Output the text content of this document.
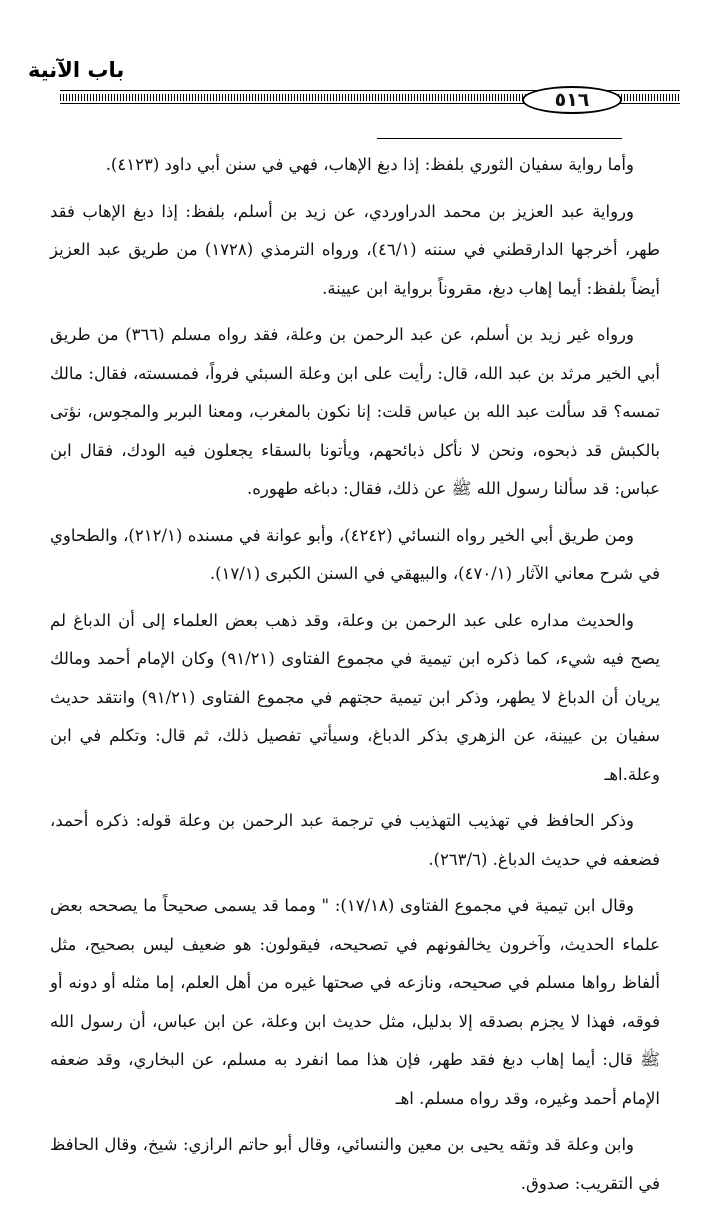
باب الآنية
٥١٦

وأما رواية سفيان الثوري بلفظ: إذا دبغ الإهاب، فهي في سنن أبي داود (٤١٢٣).

ورواية عبد العزيز بن محمد الدراوردي، عن زيد بن أسلم، بلفظ: إذا دبغ الإهاب فقد طهر، أخرجها الدارقطني في سننه (٤٦/١)، ورواه الترمذي (١٧٢٨) من طريق عبد العزيز أيضاً بلفظ: أيما إهاب دبغ، مقروناً برواية ابن عيينة.

ورواه غير زيد بن أسلم، عن عبد الرحمن بن وعلة، فقد رواه مسلم (٣٦٦) من طريق أبي الخير مرثد بن عبد الله، قال: رأيت على ابن وعلة السبئي فرواً، فمسسته، فقال: مالك تمسه؟ قد سألت عبد الله بن عباس قلت: إنا نكون بالمغرب، ومعنا البربر والمجوس، نؤتى بالكبش قد ذبحوه، ونحن لا نأكل ذبائحهم، ويأتونا بالسقاء يجعلون فيه الودك، فقال ابن عباس: قد سألنا رسول الله ﷺ عن ذلك، فقال: دباغه طهوره.

ومن طريق أبي الخير رواه النسائي (٤٢٤٢)، وأبو عوانة في مسنده (٢١٢/١)، والطحاوي في شرح معاني الآثار (٤٧٠/١)، والبيهقي في السنن الكبرى (١٧/١).

والحديث مداره على عبد الرحمن بن وعلة، وقد ذهب بعض العلماء إلى أن الدباغ لم يصح فيه شيء، كما ذكره ابن تيمية في مجموع الفتاوى (٩١/٢١) وكان الإمام أحمد ومالك يريان أن الدباغ لا يطهر، وذكر ابن تيمية حجتهم في مجموع الفتاوى (٩١/٢١) وانتقد حديث سفيان بن عيينة، عن الزهري بذكر الدباغ، وسيأتي تفصيل ذلك، ثم قال: وتكلم في ابن وعلة.اهـ

وذكر الحافظ في تهذيب التهذيب في ترجمة عبد الرحمن بن وعلة قوله: ذكره أحمد، فضعفه في حديث الدباغ. (٢٦٣/٦).

وقال ابن تيمية في مجموع الفتاوى (١٧/١٨): " ومما قد يسمى صحيحاً ما يصححه بعض علماء الحديث، وآخرون يخالفونهم في تصحيحه، فيقولون: هو ضعيف ليس بصحيح، مثل ألفاظ رواها مسلم في صحيحه، ونازعه في صحتها غيره من أهل العلم، إما مثله أو دونه أو فوقه، فهذا لا يجزم بصدقه إلا بدليل، مثل حديث ابن وعلة، عن ابن عباس، أن رسول الله ﷺ قال: أيما إهاب دبغ فقد طهر، فإن هذا مما انفرد به مسلم، عن البخاري، وقد ضعفه الإمام أحمد وغيره، وقد رواه مسلم. اهـ

وابن وعلة قد وثقه يحيى بن معين والنسائي، وقال أبو حاتم الرازي: شيخ، وقال الحافظ في التقريب: صدوق.
